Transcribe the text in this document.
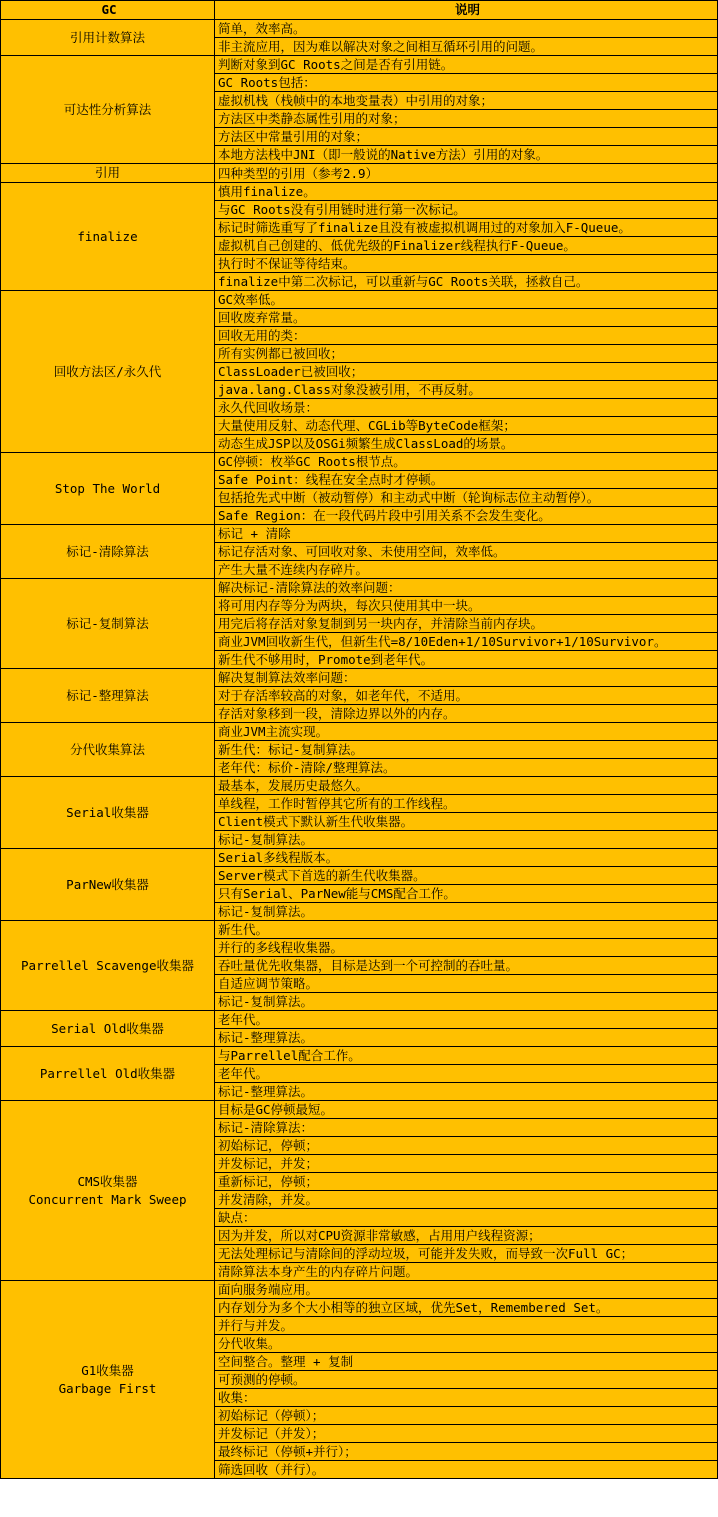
GC	说明

引用计数算法	简单，效率高。
	非主流应用，因为难以解决对象之间相互循环引用的问题。

可达性分析算法	判断对象到GC Roots之间是否有引用链。
	GC Roots包括：
	虚拟机栈（栈帧中的本地变量表）中引用的对象；
	方法区中类静态属性引用的对象；
	方法区中常量引用的对象；
	本地方法栈中JNI（即一般说的Native方法）引用的对象。

引用	四种类型的引用（参考2.9）

finalize	慎用finalize。
	与GC Roots没有引用链时进行第一次标记。
	标记时筛选重写了finalize且没有被虚拟机调用过的对象加入F-Queue。
	虚拟机自己创建的、低优先级的Finalizer线程执行F-Queue。
	执行时不保证等待结束。
	finalize中第二次标记，可以重新与GC Roots关联，拯救自己。

回收方法区/永久代	GC效率低。
	回收废弃常量。
	回收无用的类：
	所有实例都已被回收；
	ClassLoader已被回收；
	java.lang.Class对象没被引用，不再反射。
	永久代回收场景：
	大量使用反射、动态代理、CGLib等ByteCode框架；
	动态生成JSP以及OSGi频繁生成ClassLoad的场景。

Stop The World	GC停顿：枚举GC Roots根节点。
	Safe Point：线程在安全点时才停顿。
	包括抢先式中断（被动暂停）和主动式中断（轮询标志位主动暂停）。
	Safe Region：在一段代码片段中引用关系不会发生变化。

标记-清除算法	标记 + 清除
	标记存活对象、可回收对象、未使用空间，效率低。
	产生大量不连续内存碎片。

标记-复制算法	解决标记-清除算法的效率问题：
	将可用内存等分为两块，每次只使用其中一块。
	用完后将存活对象复制到另一块内存，并清除当前内存块。
	商业JVM回收新生代，但新生代=8/10Eden+1/10Survivor+1/10Survivor。
	新生代不够用时，Promote到老年代。

标记-整理算法	解决复制算法效率问题：
	对于存活率较高的对象，如老年代，不适用。
	存活对象移到一段，清除边界以外的内存。

分代收集算法	商业JVM主流实现。
	新生代：标记-复制算法。
	老年代：标价-清除/整理算法。

Serial收集器	最基本，发展历史最悠久。
	单线程，工作时暂停其它所有的工作线程。
	Client模式下默认新生代收集器。
	标记-复制算法。

ParNew收集器	Serial多线程版本。
	Server模式下首选的新生代收集器。
	只有Serial、ParNew能与CMS配合工作。
	标记-复制算法。

Parrellel Scavenge收集器	新生代。
	并行的多线程收集器。
	吞吐量优先收集器，目标是达到一个可控制的吞吐量。
	自适应调节策略。
	标记-复制算法。

Serial Old收集器	老年代。
	标记-整理算法。

Parrellel Old收集器	与Parrellel配合工作。
	老年代。
	标记-整理算法。

CMS收集器
Concurrent Mark Sweep	目标是GC停顿最短。
	标记-清除算法：
	初始标记，停顿；
	并发标记，并发；
	重新标记，停顿；
	并发清除，并发。
	缺点：
	因为并发，所以对CPU资源非常敏感，占用用户线程资源；
	无法处理标记与清除间的浮动垃圾，可能并发失败，而导致一次Full GC；
	清除算法本身产生的内存碎片问题。

G1收集器
Garbage First	面向服务端应用。
	内存划分为多个大小相等的独立区域，优先Set，Remembered Set。
	并行与并发。
	分代收集。
	空间整合。整理 + 复制
	可预测的停顿。
	收集：
	初始标记（停顿）；
	并发标记（并发）；
	最终标记（停顿+并行）；
	筛选回收（并行）。
CSDN @会飞的代码UP
